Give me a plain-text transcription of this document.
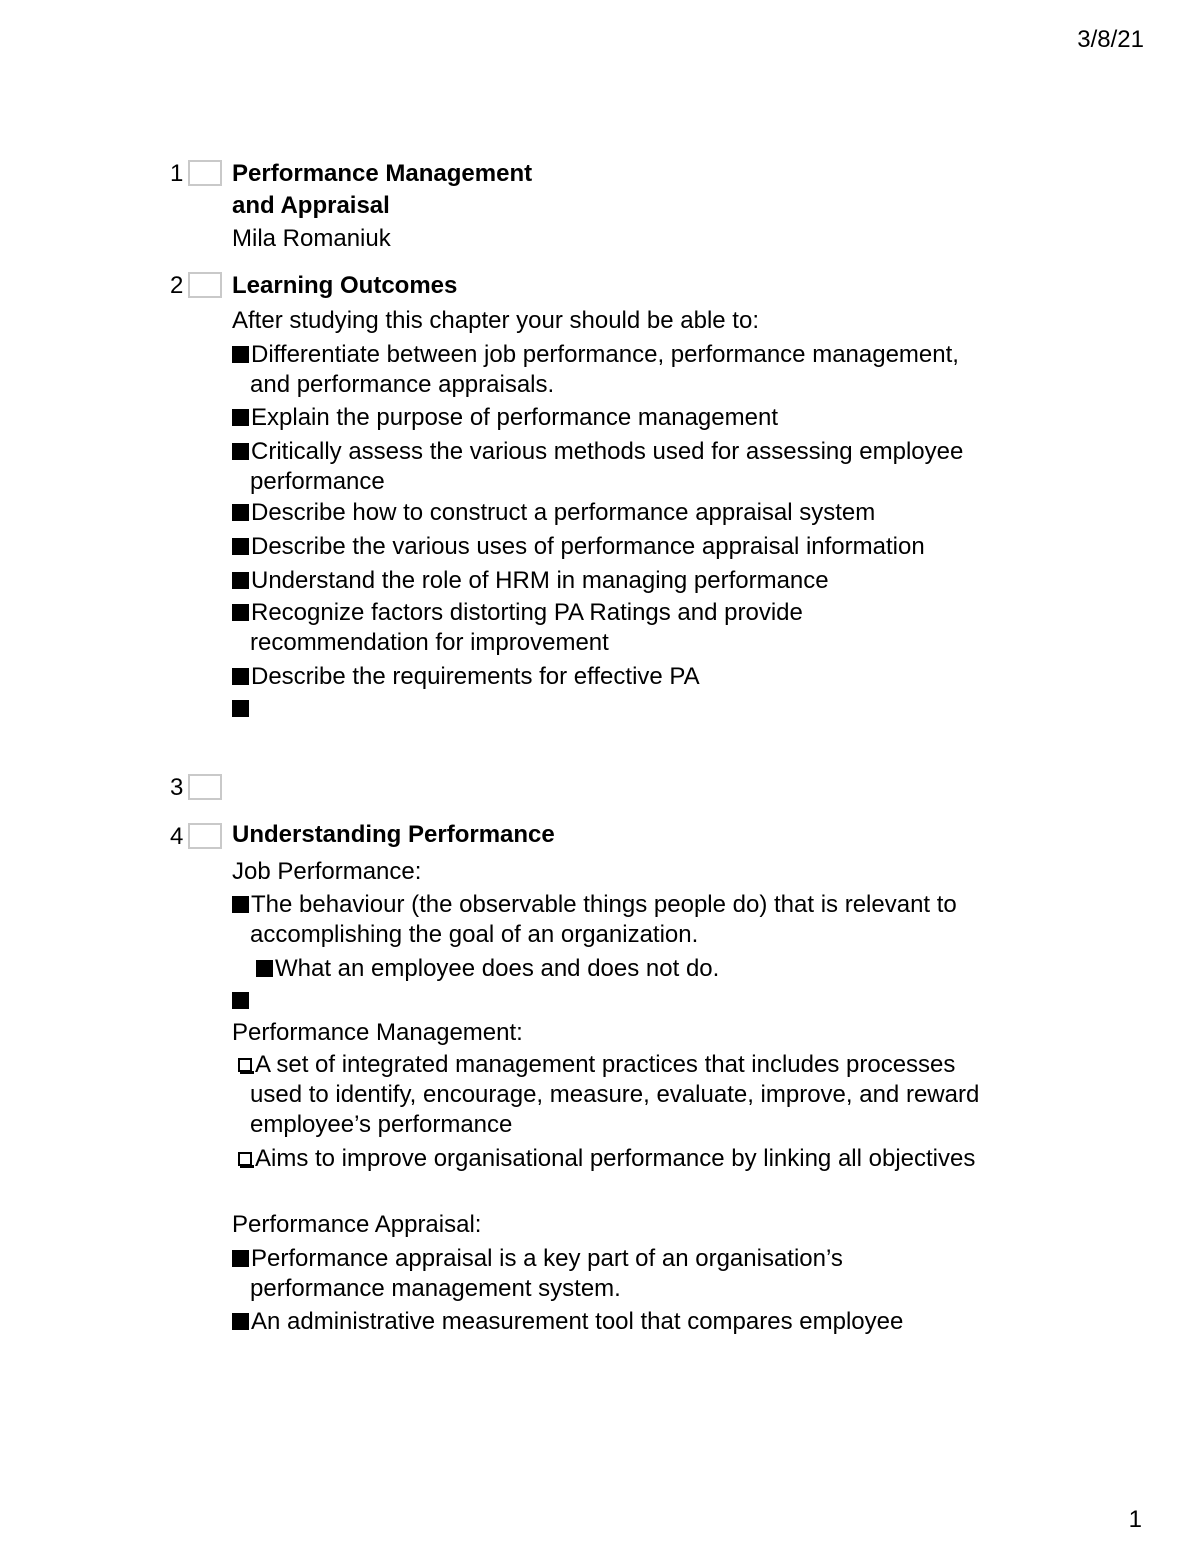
3/8/21
1 Performance Management
and Appraisal
Mila Romaniuk
2 Learning Outcomes
After studying this chapter your should be able to:
Differentiate between job performance, performance management,
and performance appraisals.
Explain the purpose of performance management
Critically assess the various methods used for assessing employee
performance
Describe how to construct a performance appraisal system
Describe the various uses of performance appraisal information
Understand the role of HRM in managing performance
Recognize factors distorting PA Ratings and provide
recommendation for improvement
Describe the requirements for effective PA
3
4 Understanding Performance
Job Performance:
The behaviour (the observable things people do) that is relevant to
accomplishing the goal of an organization.
What an employee does and does not do.
Performance Management:
A set of integrated management practices that includes processes
used to identify, encourage, measure, evaluate, improve, and reward
employee’s performance
Aims to improve organisational performance by linking all objectives
Performance Appraisal:
Performance appraisal is a key part of an organisation’s
performance management system.
An administrative measurement tool that compares employee
1
